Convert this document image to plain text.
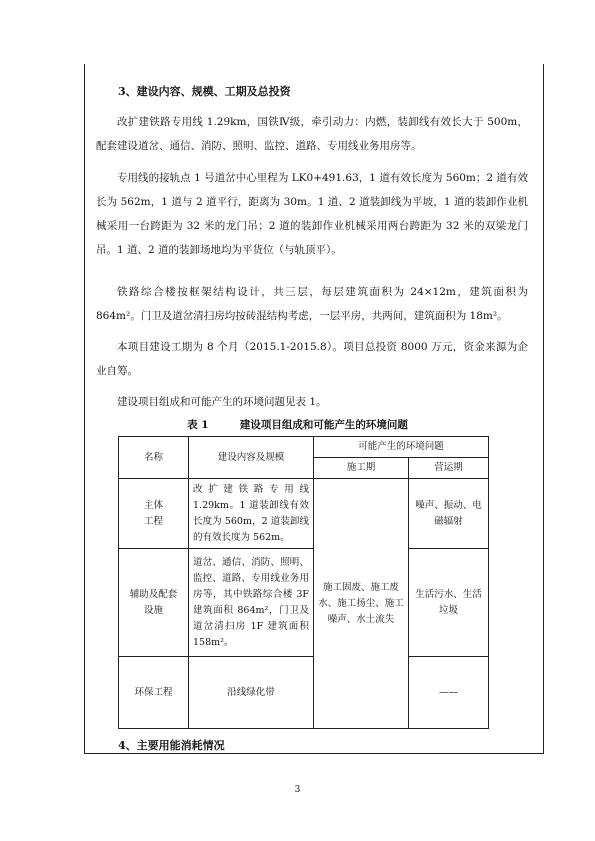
3、建设内容、规模、工期及总投资

改扩建铁路专用线 1.29km，国铁Ⅳ级，牵引动力：内燃，装卸线有效长大于 500m，配套建设道岔、通信、消防、照明、监控、道路、专用线业务用房等。

专用线的接轨点 1 号道岔中心里程为 LK0+491.63，1 道有效长度为 560m；2 道有效长为 562m，1 道与 2 道平行，距离为 30m。1 道、2 道装卸线为平坡，1 道的装卸作业机械采用一台跨距为 32 米的龙门吊；2 道的装卸作业机械采用两台跨距为 32 米的双梁龙门吊。1 道、2 道的装卸场地均为平货位（与轨顶平）。

铁路综合楼按框架结构设计，共三层，每层建筑面积为 24×12m，建筑面积为 864m²。门卫及道岔清扫房均按砖混结构考虑，一层平房，共两间，建筑面积为 18m²。

本项目建设工期为 8 个月（2015.1-2015.8）。项目总投资 8000 万元，资金来源为企业自筹。

建设项目组成和可能产生的环境问题见表 1。

表 1	建设项目组成和可能产生的环境问题
名称	建设内容及规模	可能产生的环境问题	
		施工期	营运期
主体
工程	改扩建铁路专用线 1.29km。1 道装卸线有效长度为 560m，2 道装卸线的有效长度为 562m。	施工固废、施工废水、施工扬尘、施工噪声、水土流失	噪声、振动、电磁辐射
辅助及配套
设施	道岔、通信、消防、照明、监控、道路、专用线业务用房等，其中铁路综合楼 3F 建筑面积 864m²，门卫及道岔清扫房 1F 建筑面积 158m²。		生活污水、生活垃圾
环保工程	沿线绿化带		——
4、主要用能消耗情况
3
